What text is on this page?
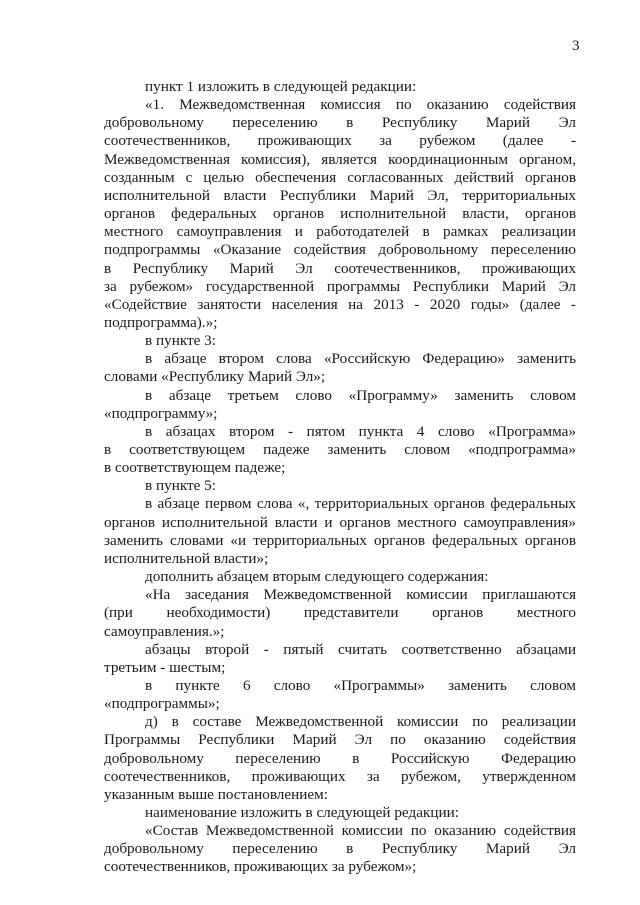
3
пункт 1 изложить в следующей редакции:
«1. Межведомственная комиссия по оказанию содействия
добровольному переселению в Республику Марий Эл
соотечественников, проживающих за рубежом (далее -
Межведомственная комиссия), является координационным органом,
созданным с целью обеспечения согласованных действий органов
исполнительной власти Республики Марий Эл, территориальных
органов федеральных органов исполнительной власти, органов
местного самоуправления и работодателей в рамках реализации
подпрограммы «Оказание содействия добровольному переселению
в Республику Марий Эл соотечественников, проживающих
за рубежом» государственной программы Республики Марий Эл
«Содействие занятости населения на 2013 - 2020 годы» (далее -
подпрограмма).»;
в пункте 3:
в абзаце втором слова «Российскую Федерацию» заменить
словами «Республику Марий Эл»;
в абзаце третьем слово «Программу» заменить словом
«подпрограмму»;
в абзацах втором - пятом пункта 4 слово «Программа»
в соответствующем падеже заменить словом «подпрограмма»
в соответствующем падеже;
в пункте 5:
в абзаце первом слова «, территориальных органов федеральных
органов исполнительной власти и органов местного самоуправления»
заменить словами «и территориальных органов федеральных органов
исполнительной власти»;
дополнить абзацем вторым следующего содержания:
«На заседания Межведомственной комиссии приглашаются
(при необходимости) представители органов местного
самоуправления.»;
абзацы второй - пятый считать соответственно абзацами
третьим - шестым;
в пункте 6 слово «Программы» заменить словом
«подпрограммы»;
д) в составе Межведомственной комиссии по реализации
Программы Республики Марий Эл по оказанию содействия
добровольному переселению в Российскую Федерацию
соотечественников, проживающих за рубежом, утвержденном
указанным выше постановлением:
наименование изложить в следующей редакции:
«Состав Межведомственной комиссии по оказанию содействия
добровольному переселению в Республику Марий Эл
соотечественников, проживающих за рубежом»;
